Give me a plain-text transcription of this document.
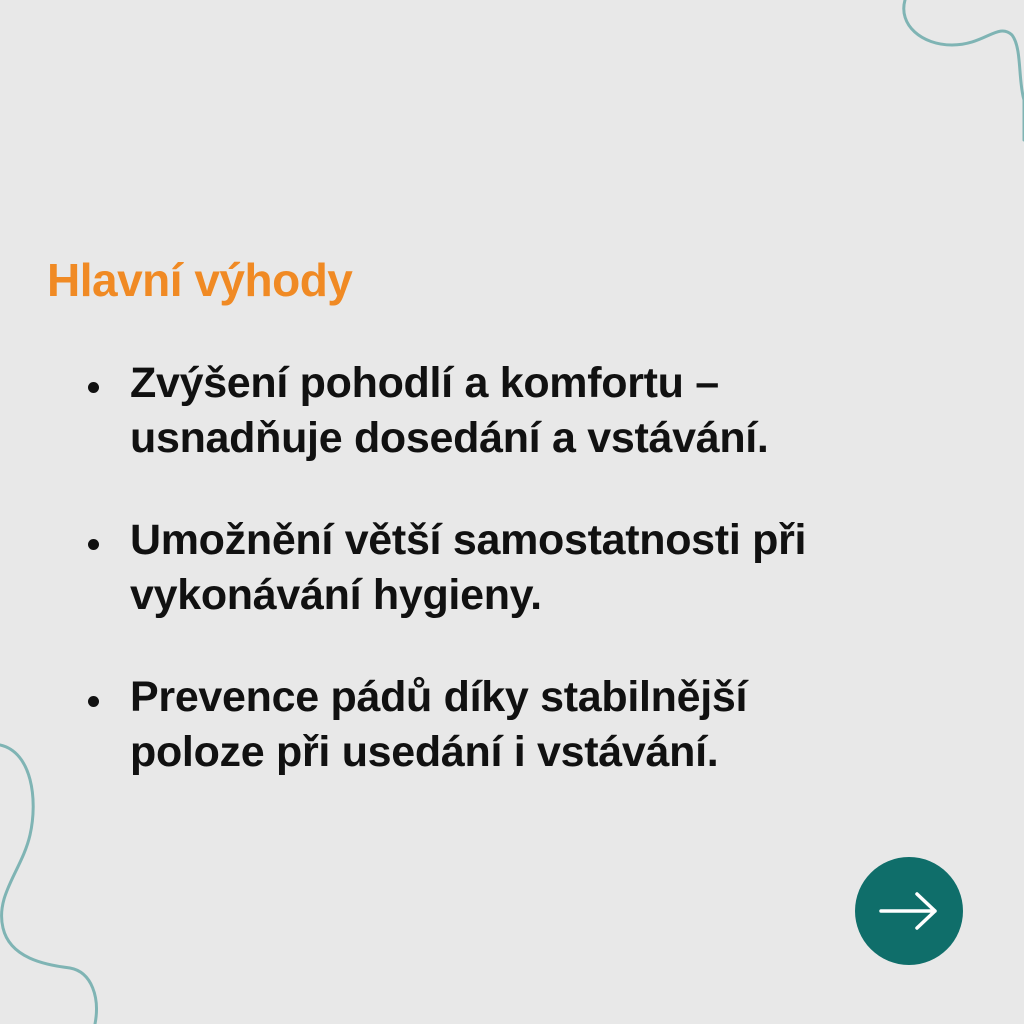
Hlavní výhody
Zvýšení pohodlí a komfortu –
usnadňuje dosedání a vstávání.
Umožnění větší samostatnosti při
vykonávání hygieny.
Prevence pádů díky stabilnější
poloze při usedání i vstávání.
